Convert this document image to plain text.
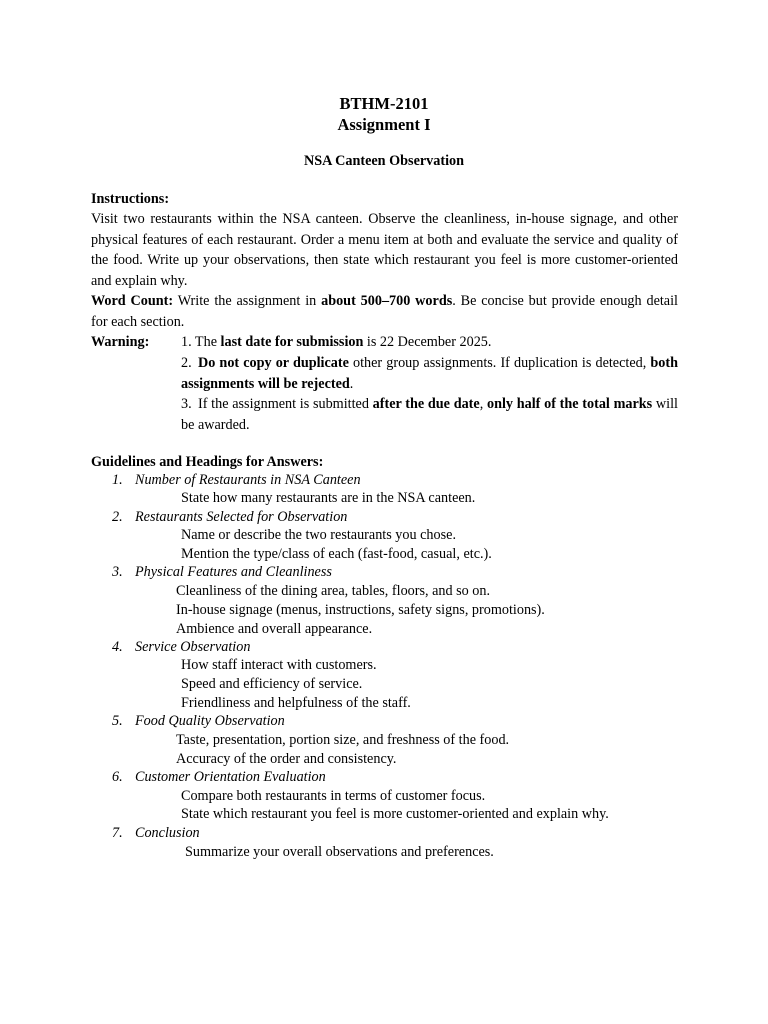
BTHM-2101
Assignment I
NSA Canteen Observation
Instructions:
Visit two restaurants within the NSA canteen. Observe the cleanliness, in-house signage, and other physical features of each restaurant. Order a menu item at both and evaluate the service and quality of the food. Write up your observations, then state which restaurant you feel is more customer-oriented and explain why.
Word Count: Write the assignment in about 500–700 words. Be concise but provide enough detail for each section.
Warning: 1. The last date for submission is 22 December 2025.
2. Do not copy or duplicate other group assignments. If duplication is detected, both assignments will be rejected.
3. If the assignment is submitted after the due date, only half of the total marks will be awarded.
Guidelines and Headings for Answers:
1. Number of Restaurants in NSA Canteen
State how many restaurants are in the NSA canteen.
2. Restaurants Selected for Observation
Name or describe the two restaurants you chose.
Mention the type/class of each (fast-food, casual, etc.).
3. Physical Features and Cleanliness
Cleanliness of the dining area, tables, floors, and so on.
In-house signage (menus, instructions, safety signs, promotions).
Ambience and overall appearance.
4. Service Observation
How staff interact with customers.
Speed and efficiency of service.
Friendliness and helpfulness of the staff.
5. Food Quality Observation
Taste, presentation, portion size, and freshness of the food.
Accuracy of the order and consistency.
6. Customer Orientation Evaluation
Compare both restaurants in terms of customer focus.
State which restaurant you feel is more customer-oriented and explain why.
7. Conclusion
Summarize your overall observations and preferences.
